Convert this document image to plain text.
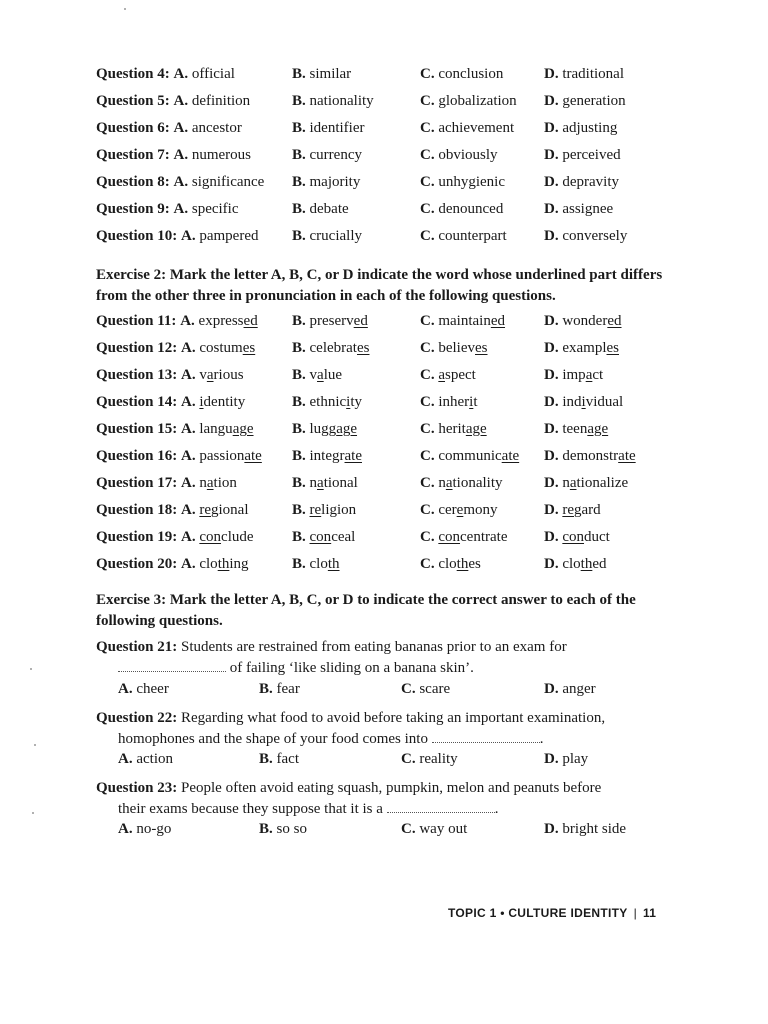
Question 4: A. official	B. similar	C. conclusion	D. traditional
Question 5: A. definition	B. nationality	C. globalization D. generation
Question 6: A. ancestor	B. identifier	C. achievement D. adjusting
Question 7: A. numerous	B. currency	C. obviously	D. perceived
Question 8: A. significance B. majority	C. unhygienic	D. depravity
Question 9: A. specific	B. debate	C. denounced	D. assignee
Question 10: A. pampered B. crucially	C. counterpart D. conversely
Exercise 2: Mark the letter A, B, C, or D indicate the word whose underlined part differs from the other three in pronunciation in each of the following questions.
Question 11: A. expressed B. preserved	C. maintained	D. wondered
Question 12: A. costumes B. celebrates	C. believes	D. examples
Question 13: A. various	B. value	C. aspect	D. impact
Question 14: A. identity	B. ethnicity	C. inherit	D. individual
Question 15: A. language	B. luggage	C. heritage	D. teenage
Question 16: A. passionate B. integrate	C. communicate D. demonstrate
Question 17: A. nation	B. national	C. nationality	D. nationalize
Question 18: A. regional	B. religion	C. ceremony	D. regard
Question 19: A. conclude	B. conceal	C. concentrate D. conduct
Question 20: A. clothing	B. cloth	C. clothes	D. clothed
Exercise 3: Mark the letter A, B, C, or D to indicate the correct answer to each of the following questions.
Question 21: Students are restrained from eating bananas prior to an exam for
of failing ‘like sliding on a banana skin’.
A. cheer	B. fear	C. scare	D. anger
Question 22: Regarding what food to avoid before taking an important examination,
homophones and the shape of your food comes into	.
A. action	B. fact	C. reality	D. play
Question 23: People often avoid eating squash, pumpkin, melon and peanuts before
their exams because they suppose that it is a	.
A. no-go	B. so so	C. way out	D. bright side
TOPIC 1 • CULTURE IDENTITY | 11
